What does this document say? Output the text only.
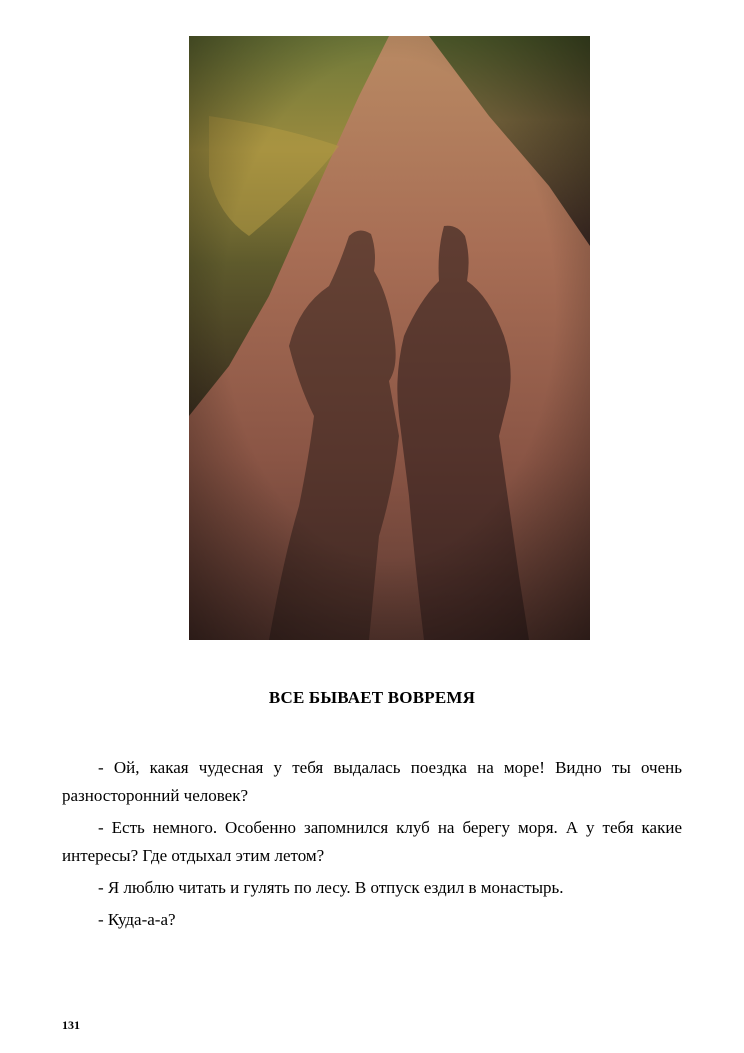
ВСЕ БЫВАЕТ ВОВРЕМЯ

- Ой, какая чудесная у тебя выдалась поездка на море! Видно ты очень разносторонний человек?

- Есть немного. Особенно запомнился клуб на берегу моря. А у тебя какие интересы? Где отдыхал этим летом?

- Я люблю читать и гулять по лесу. В отпуск ездил в монастырь.

- Куда-а-а?

131
